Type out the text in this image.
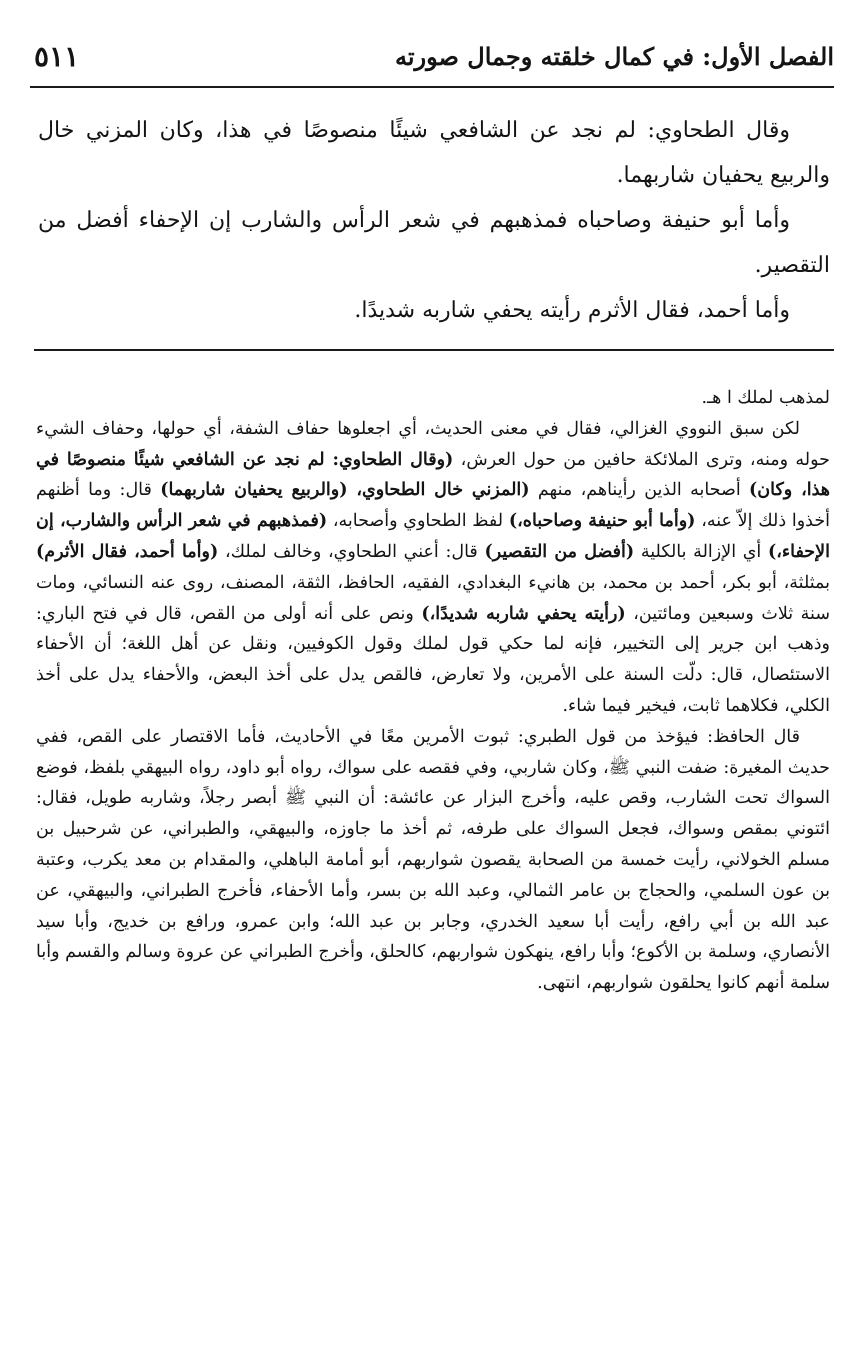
الفصل الأول: في كمال خلقته وجمال صورته
٥١١

وقال الطحاوي: لم نجد عن الشافعي شيئًا منصوصًا في هذا، وكان المزني خال والربيع يحفيان شاربهما.

وأما أبو حنيفة وصاحباه فمذهبهم في شعر الرأس والشارب إن الإحفاء أفضل من التقصير.

وأما أحمد، فقال الأثرم رأيته يحفي شاربه شديدًا.

لمذهب لملك ا هـ.

لكن سبق النووي الغزالي، فقال في معنى الحديث، أي اجعلوها حفاف الشفة، أي حولها، وحفاف الشيء حوله ومنه، وترى الملائكة حافين من حول العرش، (وقال الطحاوي: لم نجد عن الشافعي شيئًا منصوصًا في هذا، وكان) أصحابه الذين رأيناهم، منهم (المزني خال الطحاوي، (والربيع يحفيان شاربهما) قال: وما أظنهم أخذوا ذلك إلاّ عنه، (وأما أبو حنيفة وصاحباه،) لفظ الطحاوي وأصحابه، (فمذهبهم في شعر الرأس والشارب، إن الإحفاء،) أي الإزالة بالكلية (أفضل من التقصير) قال: أعني الطحاوي، وخالف لملك، (وأما أحمد، فقال الأثرم) بمثلثة، أبو بكر، أحمد بن محمد، بن هانيء البغدادي، الفقيه، الحافظ، الثقة، المصنف، روى عنه النسائي، ومات سنة ثلاث وسبعين ومائتين، (رأيته يحفي شاربه شديدًا،) ونص على أنه أولى من القص، قال في فتح الباري: وذهب ابن جرير إلى التخيير، فإنه لما حكي قول لملك وقول الكوفيين، ونقل عن أهل اللغة؛ أن الأحفاء الاستئصال، قال: دلّت السنة على الأمرين، ولا تعارض، فالقص يدل على أخذ البعض، والأحفاء يدل على أخذ الكلي، فكلاهما ثابت، فيخير فيما شاء.

قال الحافظ: فيؤخذ من قول الطبري: ثبوت الأمرين معًا في الأحاديث، فأما الاقتصار على القص، ففي حديث المغيرة: ضفت النبي ﷺ، وكان شاربي، وفي فقصه على سواك، رواه أبو داود، رواه البيهقي بلفظ، فوضع السواك تحت الشارب، وقص عليه، وأخرج البزار عن عائشة: أن النبي ﷺ أبصر رجلاً، وشاربه طويل، فقال: ائتوني بمقص وسواك، فجعل السواك على طرفه، ثم أخذ ما جاوزه، والبيهقي، والطبراني، عن شرحبيل بن مسلم الخولاني، رأيت خمسة من الصحابة يقصون شواربهم، أبو أمامة الباهلي، والمقدام بن معد يكرب، وعتبة بن عون السلمي، والحجاج بن عامر الثمالي، وعبد الله بن بسر، وأما الأحفاء، فأخرج الطبراني، والبيهقي، عن عبد الله بن أبي رافع، رأيت أبا سعيد الخدري، وجابر بن عبد الله؛ وابن عمرو، ورافع بن خديج، وأبا سيد الأنصاري، وسلمة بن الأكوع؛ وأبا رافع، ينهكون شواربهم، كالحلق، وأخرج الطبراني عن عروة وسالم والقسم وأبا سلمة أنهم كانوا يحلقون شواربهم، انتهى.
